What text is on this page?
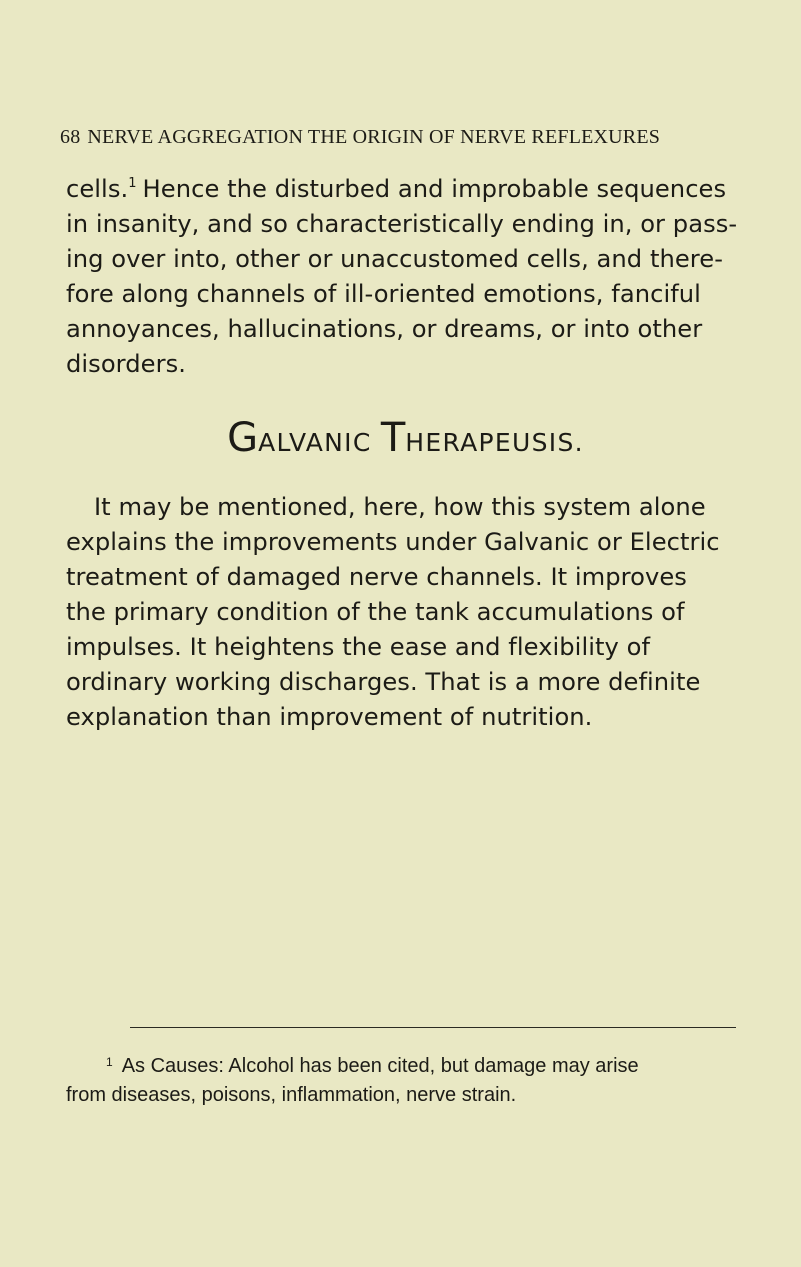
68 NERVE AGGREGATION THE ORIGIN OF NERVE REFLEXURES
cells.$^1$ Hence the disturbed and improbable sequences
in insanity, and so characteristically ending in, or pass-
ing over into, other or unaccustomed cells, and there-
fore along channels of ill-oriented emotions, fanciful
annoyances, hallucinations, or dreams, or into other
disorders.
GALVANIC THERAPEUSIS.
It may be mentioned, here, how this system alone
explains the improvements under Galvanic or Electric
treatment of damaged nerve channels. It improves
the primary condition of the tank accumulations of
impulses. It heightens the ease and flexibility of
ordinary working discharges. That is a more definite
explanation than improvement of nutrition.
$^1$ As Causes: Alcohol has been cited, but damage may arise
from diseases, poisons, inflammation, nerve strain.
